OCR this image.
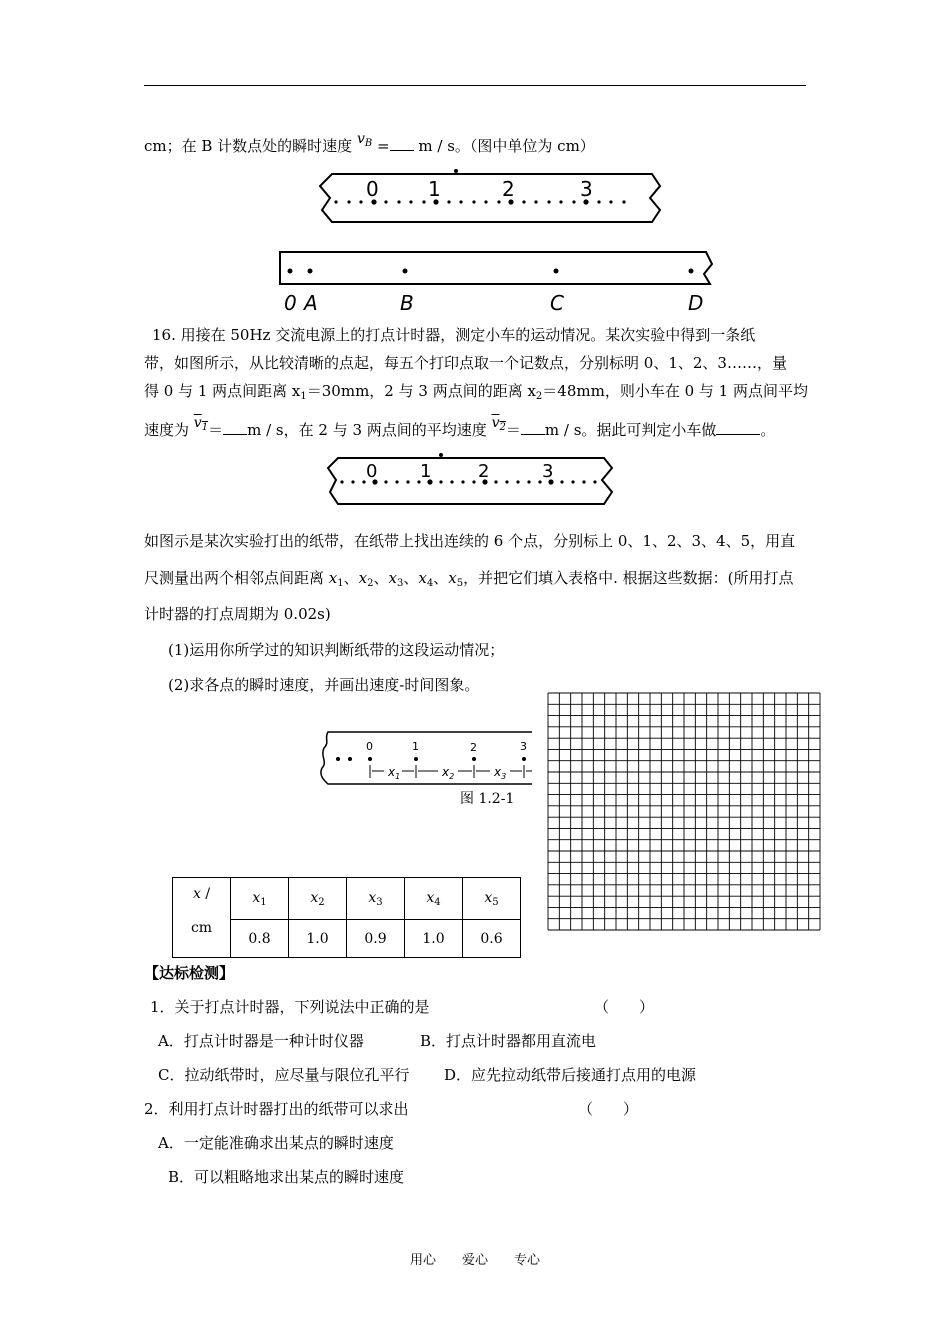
cm；在 B 计数点处的瞬时速度 $v_B = m / s$。（图中单位为 cm）
0 1	2	3
0 A	B	C	D
16. 用接在 50Hz 交流电源上的打点计时器，测定小车的运动情况。某次实验中得到一条纸
带，如图所示，从比较清晰的点起，每五个打印点取一个记数点，分别标明 0、1、2、3……，量
得 0 与 1 两点间距离 $x_1=30mm$，2 与 3 两点间的距离 $x_2=48mm$，则小车在 0 与 1 两点间平均
速度为 $v_1= m / s$，在 2 与 3 两点间的平均速度 $v_2= m / s$。据此可判定小车做	。
0 1	2	3
如图示是某次实验打出的纸带，在纸带上找出连续的 6 个点，分别标上 0、1、2、3、4、5，用直
尺测量出两个相邻点间距离 $x_1$、$x_2$、$x_3$、$x_4$、$x_5$，并把它们填入表格中. 根据这些数据：(所用打点
计时器的打点周期为 0.02s)
(1)运用你所学过的知识判断纸带的这段运动情况；
(2)求各点的瞬时速度，并画出速度-时间图象。
0	1	2	3
$x_1$	$x_2$	$x_3$
图 1.2-1
x /
cm	$x_1$	$x_2$	$x_3$	$x_4$	$x_5$
	0.8	1.0	0.9	1.0	0.6
【达标检测】
1．关于打点计时器，下列说法中正确的是	（　　）
A．打点计时器是一种计时仪器	B．打点计时器都用直流电
C．拉动纸带时，应尽量与限位孔平行 D．应先拉动纸带后接通打点用的电源
2．利用打点计时器打出的纸带可以求出	（　　）
A．一定能准确求出某点的瞬时速度
B．可以粗略地求出某点的瞬时速度
用心　　爱心　　专心
